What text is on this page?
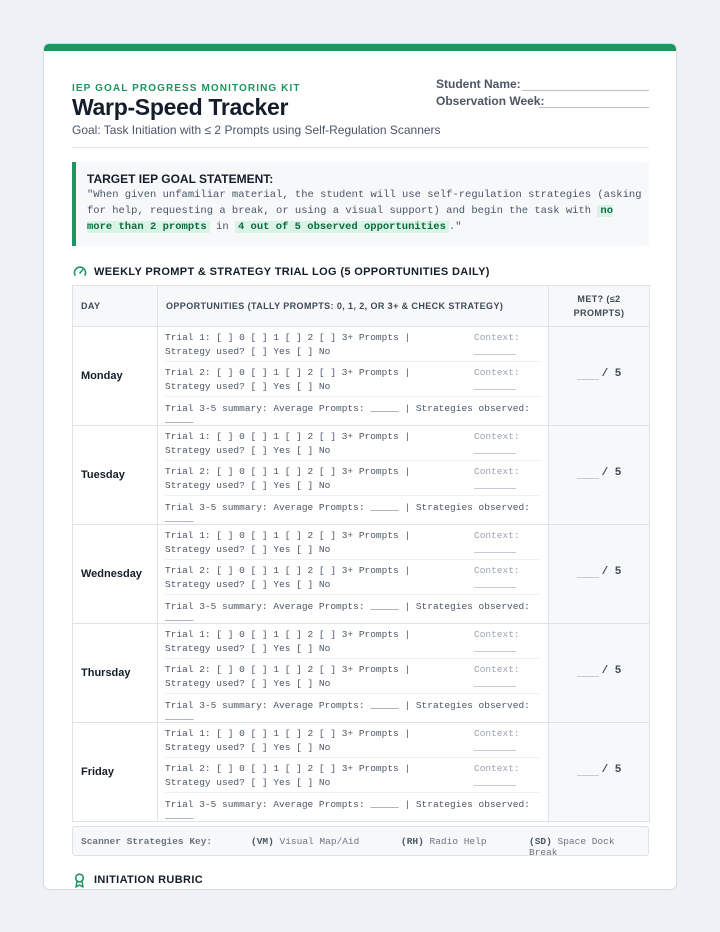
IEP GOAL PROGRESS MONITORING KIT
Warp-Speed Tracker
Goal: Task Initiation with ≤ 2 Prompts using Self-Regulation Scanners
Student Name:
Observation Week:
TARGET IEP GOAL STATEMENT:
"When given unfamiliar material, the student will use self-regulation strategies (asking for help, requesting a break, or using a visual support) and begin the task with no more than 2 prompts in 4 out of 5 observed opportunities ."
WEEKLY PROMPT & STRATEGY TRIAL LOG (5 OPPORTUNITIES DAILY)
DAY	OPPORTUNITIES (TALLY PROMPTS: 0, 1, 2, OR 3+ & CHECK STRATEGY)	MET? (≤2 PROMPTS)
Monday	Trial 1: [ ] 0 [ ] 1 [ ] 2 [ ] 3+ Prompts | Strategy used? [ ] Yes [ ] No
Context:
Trial 2: [ ] 0 [ ] 1 [ ] 2 [ ] 3+ Prompts | Strategy used? [ ] Yes [ ] No
Context:
Trial 3-5 summary: Average Prompts: _____ | Strategies observed: _____	/ 5

Tuesday	Trial 1: [ ] 0 [ ] 1 [ ] 2 [ ] 3+ Prompts | Strategy used? [ ] Yes [ ] No
Context:
Trial 2: [ ] 0 [ ] 1 [ ] 2 [ ] 3+ Prompts | Strategy used? [ ] Yes [ ] No
Context:
Trial 3-5 summary: Average Prompts: _____ | Strategies observed: _____	/ 5

Wednesday	Trial 1: [ ] 0 [ ] 1 [ ] 2 [ ] 3+ Prompts | Strategy used? [ ] Yes [ ] No
Context:
Trial 2: [ ] 0 [ ] 1 [ ] 2 [ ] 3+ Prompts | Strategy used? [ ] Yes [ ] No
Context:
Trial 3-5 summary: Average Prompts: _____ | Strategies observed: _____	/ 5

Thursday	Trial 1: [ ] 0 [ ] 1 [ ] 2 [ ] 3+ Prompts | Strategy used? [ ] Yes [ ] No
Context:
Trial 2: [ ] 0 [ ] 1 [ ] 2 [ ] 3+ Prompts | Strategy used? [ ] Yes [ ] No
Context:
Trial 3-5 summary: Average Prompts: _____ | Strategies observed: _____	/ 5

Friday	Trial 1: [ ] 0 [ ] 1 [ ] 2 [ ] 3+ Prompts | Strategy used? [ ] Yes [ ] No
Context:
Trial 2: [ ] 0 [ ] 1 [ ] 2 [ ] 3+ Prompts | Strategy used? [ ] Yes [ ] No
Context:
Trial 3-5 summary: Average Prompts: _____ | Strategies observed: _____	/ 5
Scanner Strategies Key:	(VM) Visual Map/Aid	(RH) Radio Help	(SD) Space Dock Break
INITIATION RUBRIC
